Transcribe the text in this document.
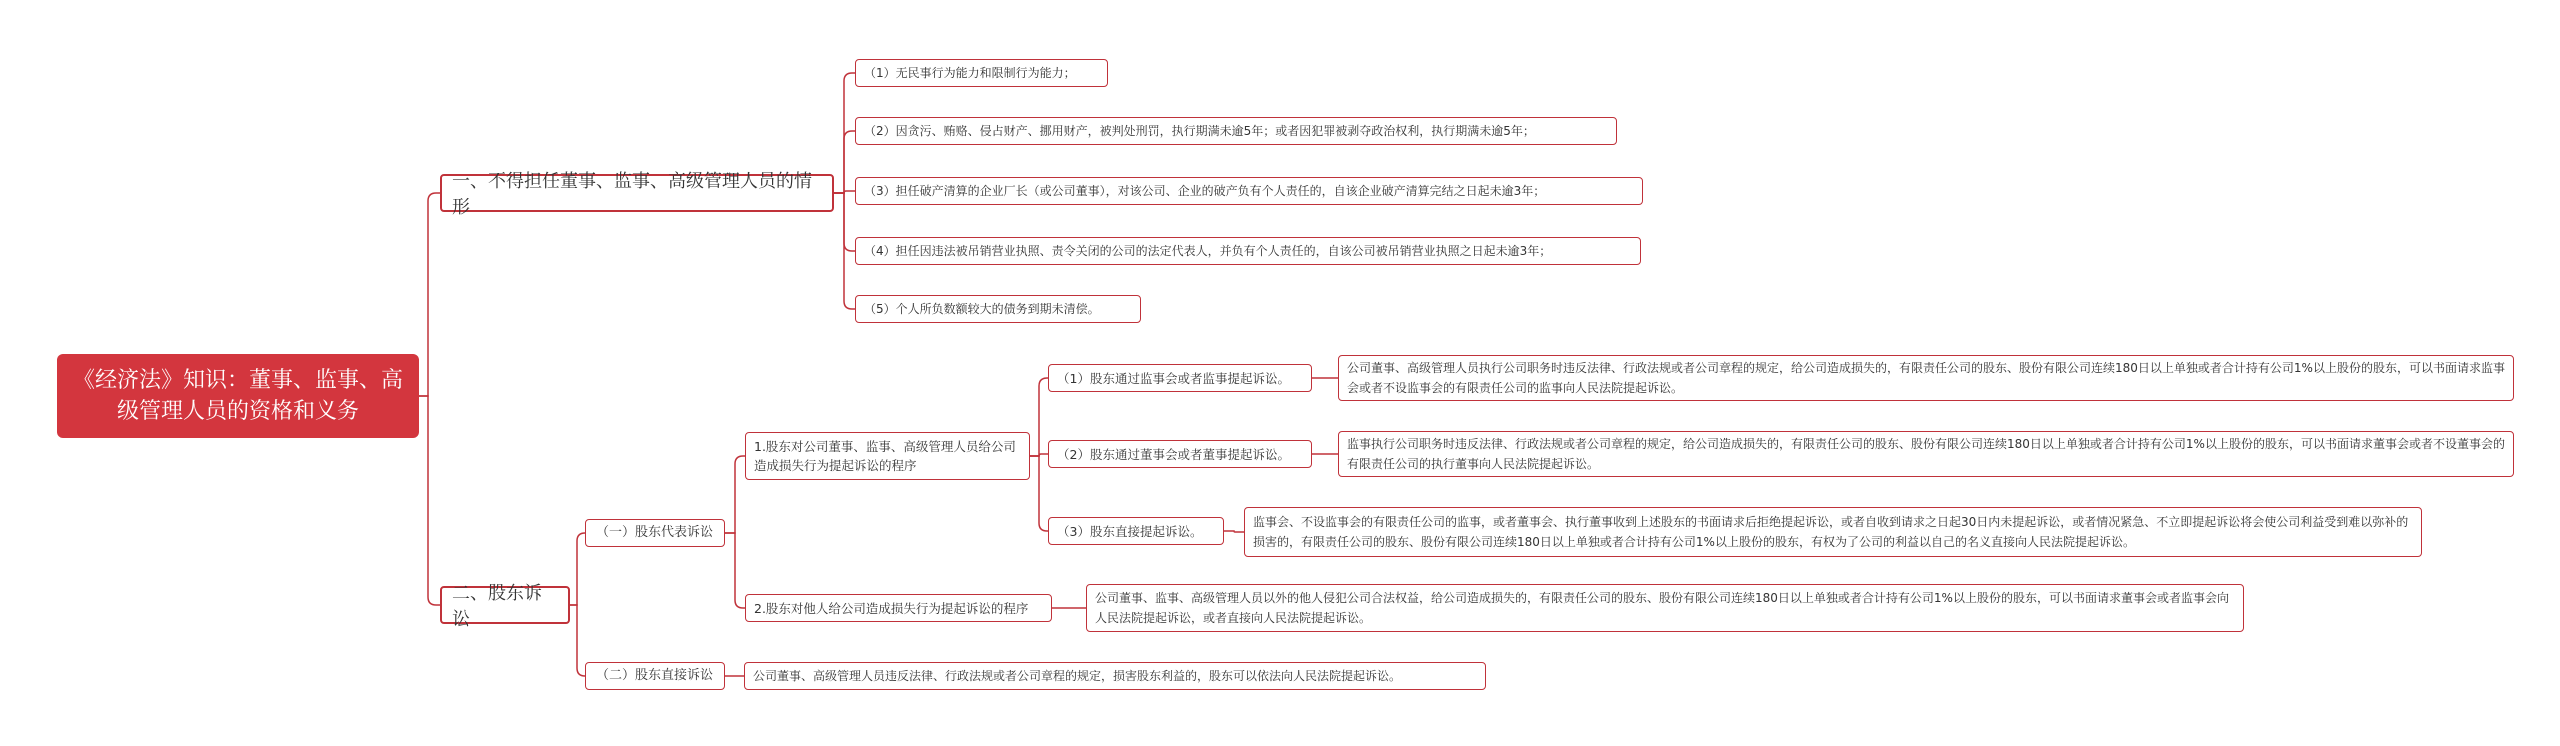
《经济法》知识：董事、监事、高级管理人员的资格和义务
一、不得担任董事、监事、高级管理人员的情形
（1）无民事行为能力和限制行为能力；
（2）因贪污、贿赂、侵占财产、挪用财产，被判处刑罚，执行期满未逾5年；或者因犯罪被剥夺政治权利，执行期满未逾5年；
（3）担任破产清算的企业厂长（或公司董事），对该公司、企业的破产负有个人责任的，自该企业破产清算完结之日起未逾3年；
（4）担任因违法被吊销营业执照、责令关闭的公司的法定代表人，并负有个人责任的，自该公司被吊销营业执照之日起未逾3年；
（5）个人所负数额较大的债务到期未清偿。
二、股东诉讼
（一）股东代表诉讼
（二）股东直接诉讼	公司董事、高级管理人员违反法律、行政法规或者公司章程的规定，损害股东利益的，股东可以依法向人民法院提起诉讼。
1.股东对公司董事、监事、高级管理人员给公司造成损失行为提起诉讼的程序
2.股东对他人给公司造成损失行为提起诉讼的程序
公司董事、监事、高级管理人员以外的他人侵犯公司合法权益，给公司造成损失的，有限责任公司的股东、股份有限公司连续180日以上单独或者合计持有公司1%以上股份的股东，可以书面请求董事会或者监事会向人民法院提起诉讼，或者直接向人民法院提起诉讼。
（1）股东通过监事会或者监事提起诉讼。
公司董事、高级管理人员执行公司职务时违反法律、行政法规或者公司章程的规定，给公司造成损失的，有限责任公司的股东、股份有限公司连续180日以上单独或者合计持有公司1%以上股份的股东，可以书面请求监事会或者不设监事会的有限责任公司的监事向人民法院提起诉讼。
（2）股东通过董事会或者董事提起诉讼。
监事执行公司职务时违反法律、行政法规或者公司章程的规定，给公司造成损失的，有限责任公司的股东、股份有限公司连续180日以上单独或者合计持有公司1%以上股份的股东，可以书面请求董事会或者不设董事会的有限责任公司的执行董事向人民法院提起诉讼。
（3）股东直接提起诉讼。
监事会、不设监事会的有限责任公司的监事，或者董事会、执行董事收到上述股东的书面请求后拒绝提起诉讼，或者自收到请求之日起30日内未提起诉讼，或者情况紧急、不立即提起诉讼将会使公司利益受到难以弥补的损害的，有限责任公司的股东、股份有限公司连续180日以上单独或者合计持有公司1%以上股份的股东，有权为了公司的利益以自己的名义直接向人民法院提起诉讼。
